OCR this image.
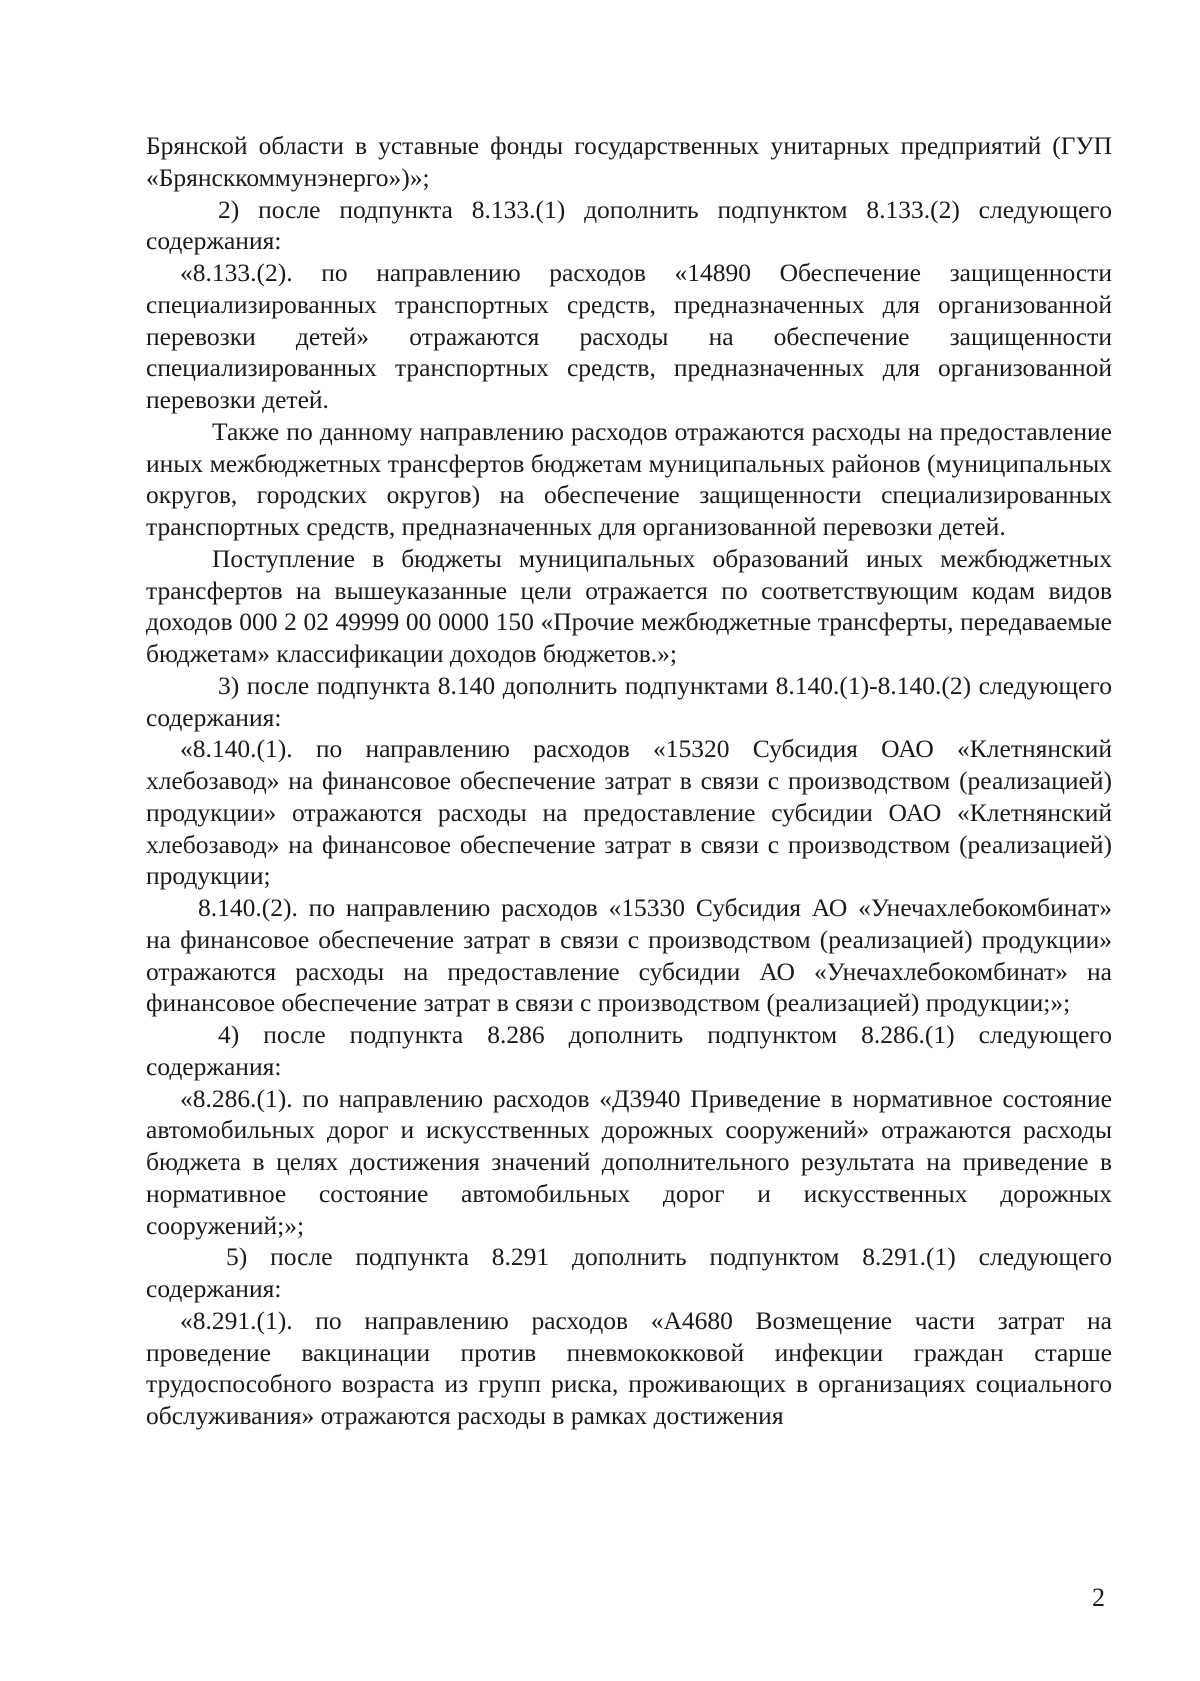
Брянской области в уставные фонды государственных унитарных предприятий (ГУП «Брянсккоммунэнерго»)»;

2) после подпункта 8.133.(1) дополнить подпунктом 8.133.(2) следующего содержания:

«8.133.(2). по направлению расходов «14890 Обеспечение защищенности специализированных транспортных средств, предназначенных для организованной перевозки детей» отражаются расходы на обеспечение защищенности специализированных транспортных средств, предназначенных для организованной перевозки детей.

Также по данному направлению расходов отражаются расходы на предоставление иных межбюджетных трансфертов бюджетам муниципальных районов (муниципальных округов, городских округов) на обеспечение защищенности специализированных транспортных средств, предназначенных для организованной перевозки детей.

Поступление в бюджеты муниципальных образований иных межбюджетных трансфертов на вышеуказанные цели отражается по соответствующим кодам видов доходов 000 2 02 49999 00 0000 150 «Прочие межбюджетные трансферты, передаваемые бюджетам» классификации доходов бюджетов.»;

3) после подпункта 8.140 дополнить подпунктами 8.140.(1)-8.140.(2) следующего содержания:

«8.140.(1). по направлению расходов «15320 Субсидия ОАО «Клетнянский хлебозавод» на финансовое обеспечение затрат в связи с производством (реализацией) продукции» отражаются расходы на предоставление субсидии ОАО «Клетнянский хлебозавод» на финансовое обеспечение затрат в связи с производством (реализацией) продукции;

8.140.(2). по направлению расходов «15330 Субсидия АО «Унечахлебокомбинат» на финансовое обеспечение затрат в связи с производством (реализацией) продукции» отражаются расходы на предоставление субсидии АО «Унечахлебокомбинат» на финансовое обеспечение затрат в связи с производством (реализацией) продукции;»;

4) после подпункта 8.286 дополнить подпунктом 8.286.(1) следующего содержания:

«8.286.(1). по направлению расходов «Д3940 Приведение в нормативное состояние автомобильных дорог и искусственных дорожных сооружений» отражаются расходы бюджета в целях достижения значений дополнительного результата на приведение в нормативное состояние автомобильных дорог и искусственных дорожных сооружений;»;

5) после подпункта 8.291 дополнить подпунктом 8.291.(1) следующего содержания:

«8.291.(1). по направлению расходов «А4680 Возмещение части затрат на проведение вакцинации против пневмококковой инфекции граждан старше трудоспособного возраста из групп риска, проживающих в организациях социального обслуживания» отражаются расходы в рамках достижения

2
